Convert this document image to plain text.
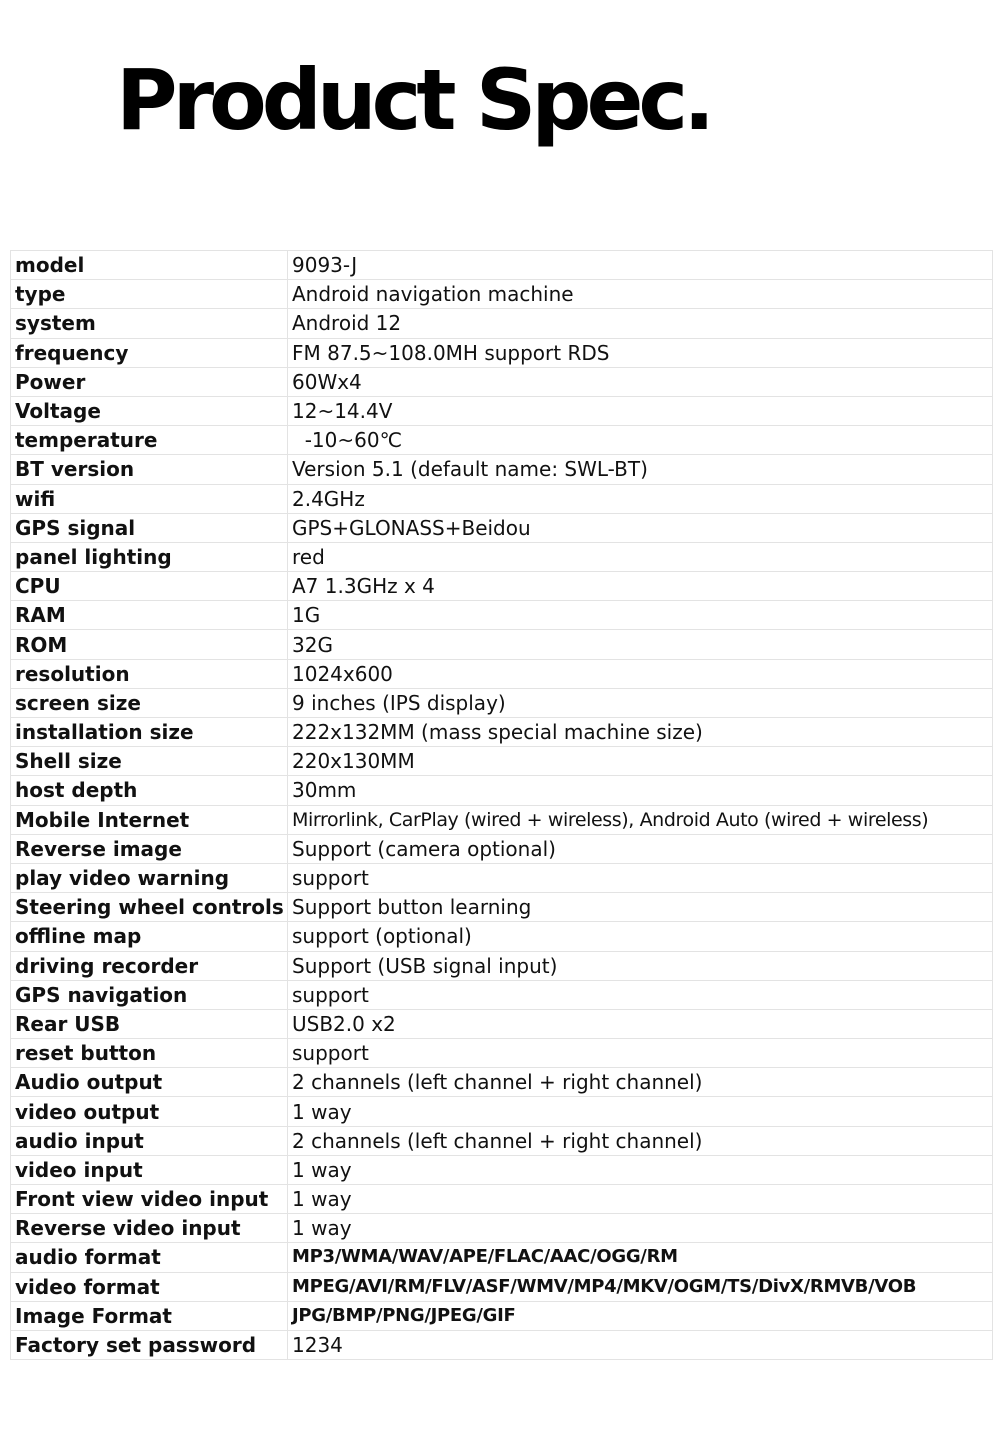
Product Spec.
model	9093-J
type	Android navigation machine
system	Android 12
frequency	FM 87.5~108.0MH support RDS
Power	60Wx4
Voltage	12~14.4V
temperature	-10~60℃
BT version	Version 5.1 (default name: SWL-BT)
wifi	2.4GHz
GPS signal	GPS+GLONASS+Beidou
panel lighting	red
CPU	A7 1.3GHz x 4
RAM	1G
ROM	32G
resolution	1024x600
screen size	9 inches (IPS display)
installation size	222x132MM (mass special machine size)
Shell size	220x130MM
host depth	30mm
Mobile Internet	Mirrorlink, CarPlay (wired + wireless), Android Auto (wired + wireless)
Reverse image	Support (camera optional)
play video warning	support
Steering wheel controls	Support button learning
offline map	support (optional)
driving recorder	Support (USB signal input)
GPS navigation	support
Rear USB	USB2.0 x2
reset button	support
Audio output	2 channels (left channel + right channel)
video output	1 way
audio input	2 channels (left channel + right channel)
video input	1 way
Front view video input	1 way
Reverse video input	1 way
audio format	MP3/WMA/WAV/APE/FLAC/AAC/OGG/RM
video format	MPEG/AVI/RM/FLV/ASF/WMV/MP4/MKV/OGM/TS/DivX/RMVB/VOB
Image Format	JPG/BMP/PNG/JPEG/GIF
Factory set password	1234
